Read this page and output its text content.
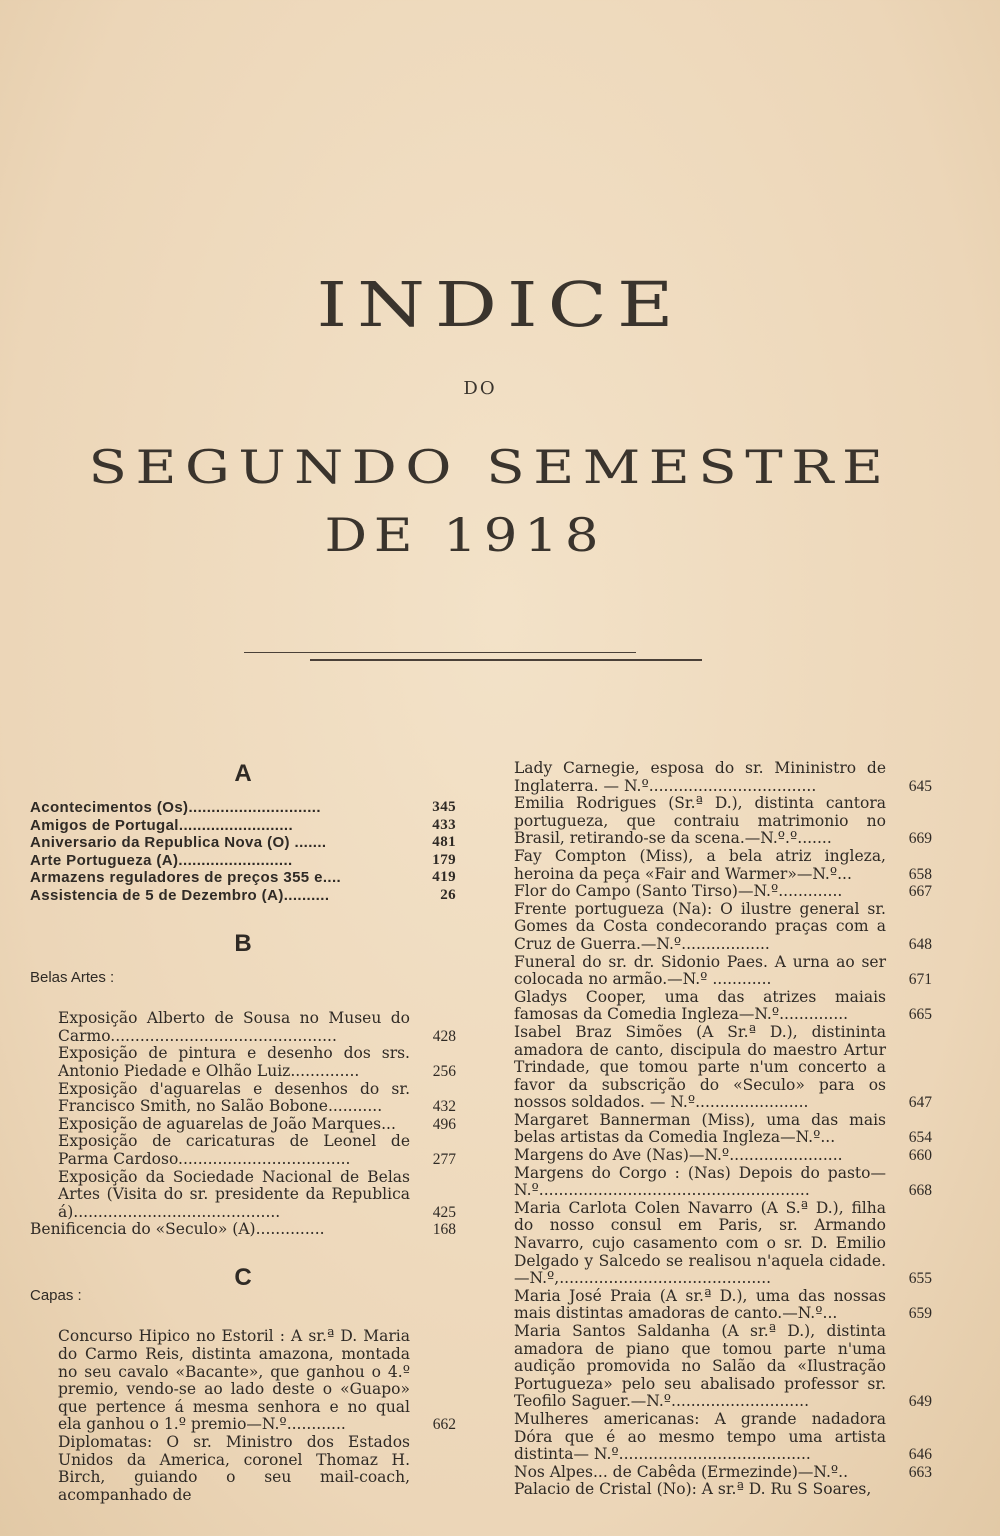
INDICE
DO
SEGUNDO SEMESTRE
DE 1918
A
Acontecimentos (Os).............................	345
Amigos de Portugal.........................	433
Aniversario da Republica Nova (O) .......	481
Arte Portugueza (A).........................	179
Armazens reguladores de preços 355 e....	419
Assistencia de 5 de Dezembro (A)..........	26
B
Belas Artes :
Exposição Alberto de Sousa no Museu do Carmo..............................................	428
Exposição de pintura e desenho dos srs. Antonio Piedade e Olhão Luiz..............	256
Exposição d'aguarelas e desenhos do sr. Francisco Smith, no Salão Bobone...........	432
Exposição de aguarelas de João Marques...	496
Exposição de caricaturas de Leonel de Parma Cardoso...................................	277
Exposição da Sociedade Nacional de Belas Artes (Visita do sr. presidente da Republica á)..........................................	425
Benificencia do «Seculo» (A)..............	168
C
Capas :
Concurso Hipico no Estoril : A sr.ª D. Maria do Carmo Reis, distinta amazona, montada no seu cavalo «Bacante», que ganhou o 4.º premio, vendo-se ao lado deste o «Guapo» que pertence á mesma senhora e no qual ela ganhou o 1.º premio—N.º............	662
Diplomatas: O sr. Ministro dos Estados Unidos da America, coronel Thomaz H. Birch, guiando o seu mail-coach, acompanhado de
Lady Carnegie, esposa do sr. Mininistro de Inglaterra. — N.º..................................	645
Emilia Rodrigues (Sr.ª D.), distinta cantora portugueza, que contraiu matrimonio no Brasil, retirando-se da scena.—N.º.º.......	669
Fay Compton (Miss), a bela atriz ingleza, heroina da peça «Fair and Warmer»—N.º...	658
Flor do Campo (Santo Tirso)—N.º.............	667
Frente portugueza (Na): O ilustre general sr. Gomes da Costa condecorando praças com a Cruz de Guerra.—N.º..................	648
Funeral do sr. dr. Sidonio Paes. A urna ao ser colocada no armão.—N.º ............	671
Gladys Cooper, uma das atrizes maiais famosas da Comedia Ingleza—N.º..............	665
Isabel Braz Simões (A Sr.ª D.), distininta amadora de canto, discipula do maestro Artur Trindade, que tomou parte n'um concerto a favor da subscrição do «Seculo» para os nossos soldados. — N.º.......................	647
Margaret Bannerman (Miss), uma das mais belas artistas da Comedia Ingleza—N.º...	654
Margens do Ave (Nas)—N.º.......................	660
Margens do Corgo : (Nas) Depois do pasto—N.º.......................................................	668
Maria Carlota Colen Navarro (A S.ª D.), filha do nosso consul em Paris, sr. Armando Navarro, cujo casamento com o sr. D. Emilio Delgado y Salcedo se realisou n'aquela cidade.—N.º,...........................................	655
Maria José Praia (A sr.ª D.), uma das nossas mais distintas amadoras de canto.—N.º...	659
Maria Santos Saldanha (A sr.ª D.), distinta amadora de piano que tomou parte n'uma audição promovida no Salão da «Ilustração Portugueza» pelo seu abalisado professor sr. Teofilo Saguer.—N.º............................	649
Mulheres americanas: A grande nadadora Dóra que é ao mesmo tempo uma artista distinta— N.º.......................................	646
Nos Alpes... de Cabêda (Ermezinde)—N.º..	663
Palacio de Cristal (No): A sr.ª D. Ru S Soares,
